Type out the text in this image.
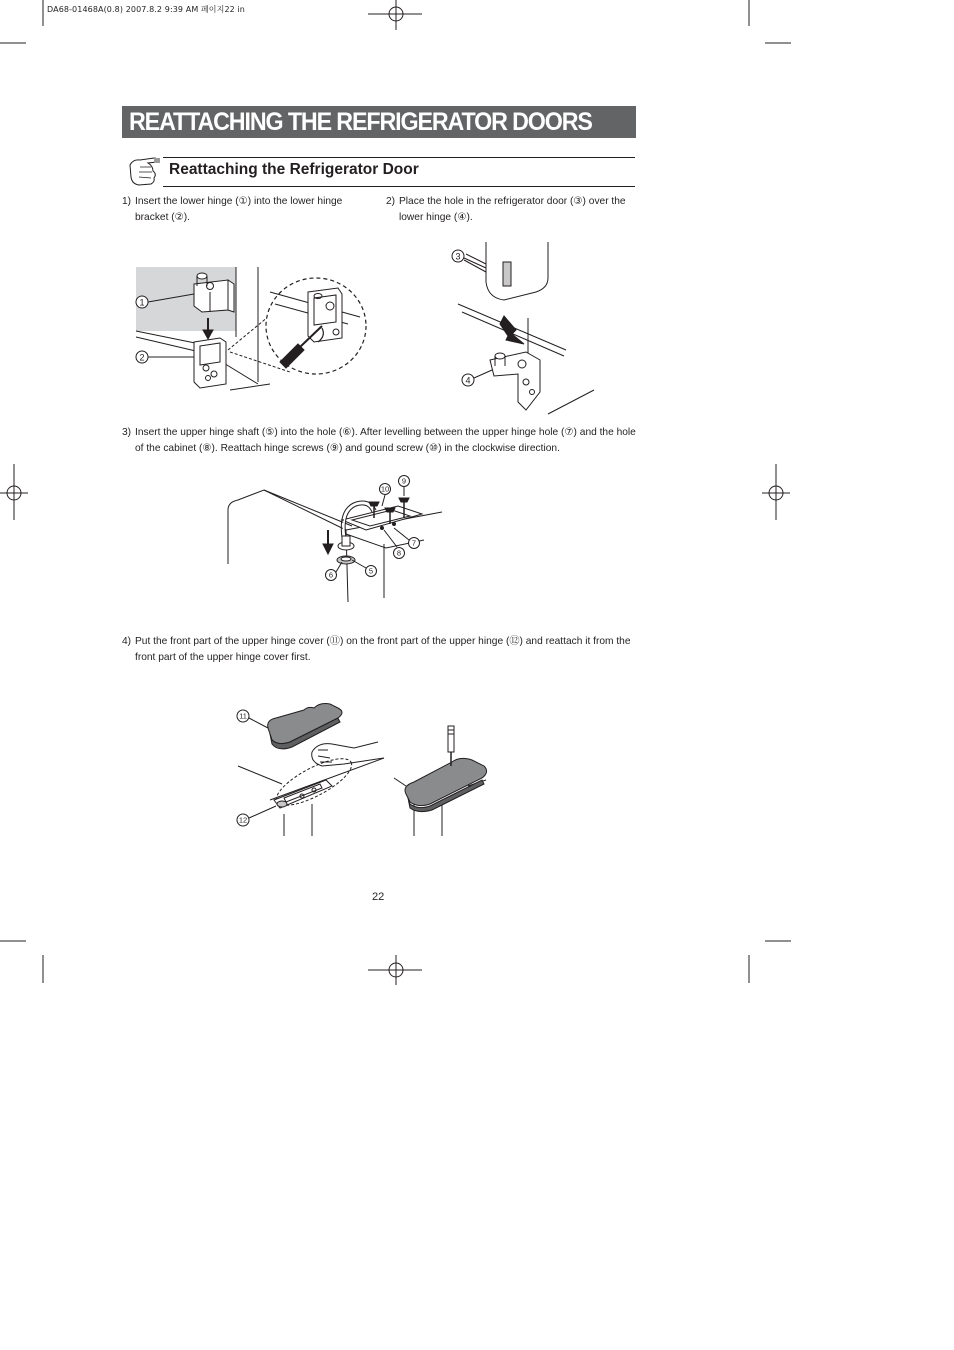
DA68-01468A(0.8) 2007.8.2 9:39 AM 페이지22 in
REATTACHING THE REFRIGERATOR DOORS
Reattaching the Refrigerator Door
1) Insert the lower hinge (①) into the lower hinge bracket (②).
2) Place the hole in the refrigerator door (③) over the lower hinge (④).
3) Insert the upper hinge shaft (⑤) into the hole (⑥). After levelling between the upper hinge hole (⑦) and the hole of the cabinet (⑧). Reattach hinge screws (⑨) and gound screw (⑩) in the clockwise direction.
4) Put the front part of the upper hinge cover (⑪) on the front part of the upper hinge (⑫) and reattach it from the front part of the upper hinge cover first.
1
2
3
4
10
9
7
8
5
6
11
12
22
